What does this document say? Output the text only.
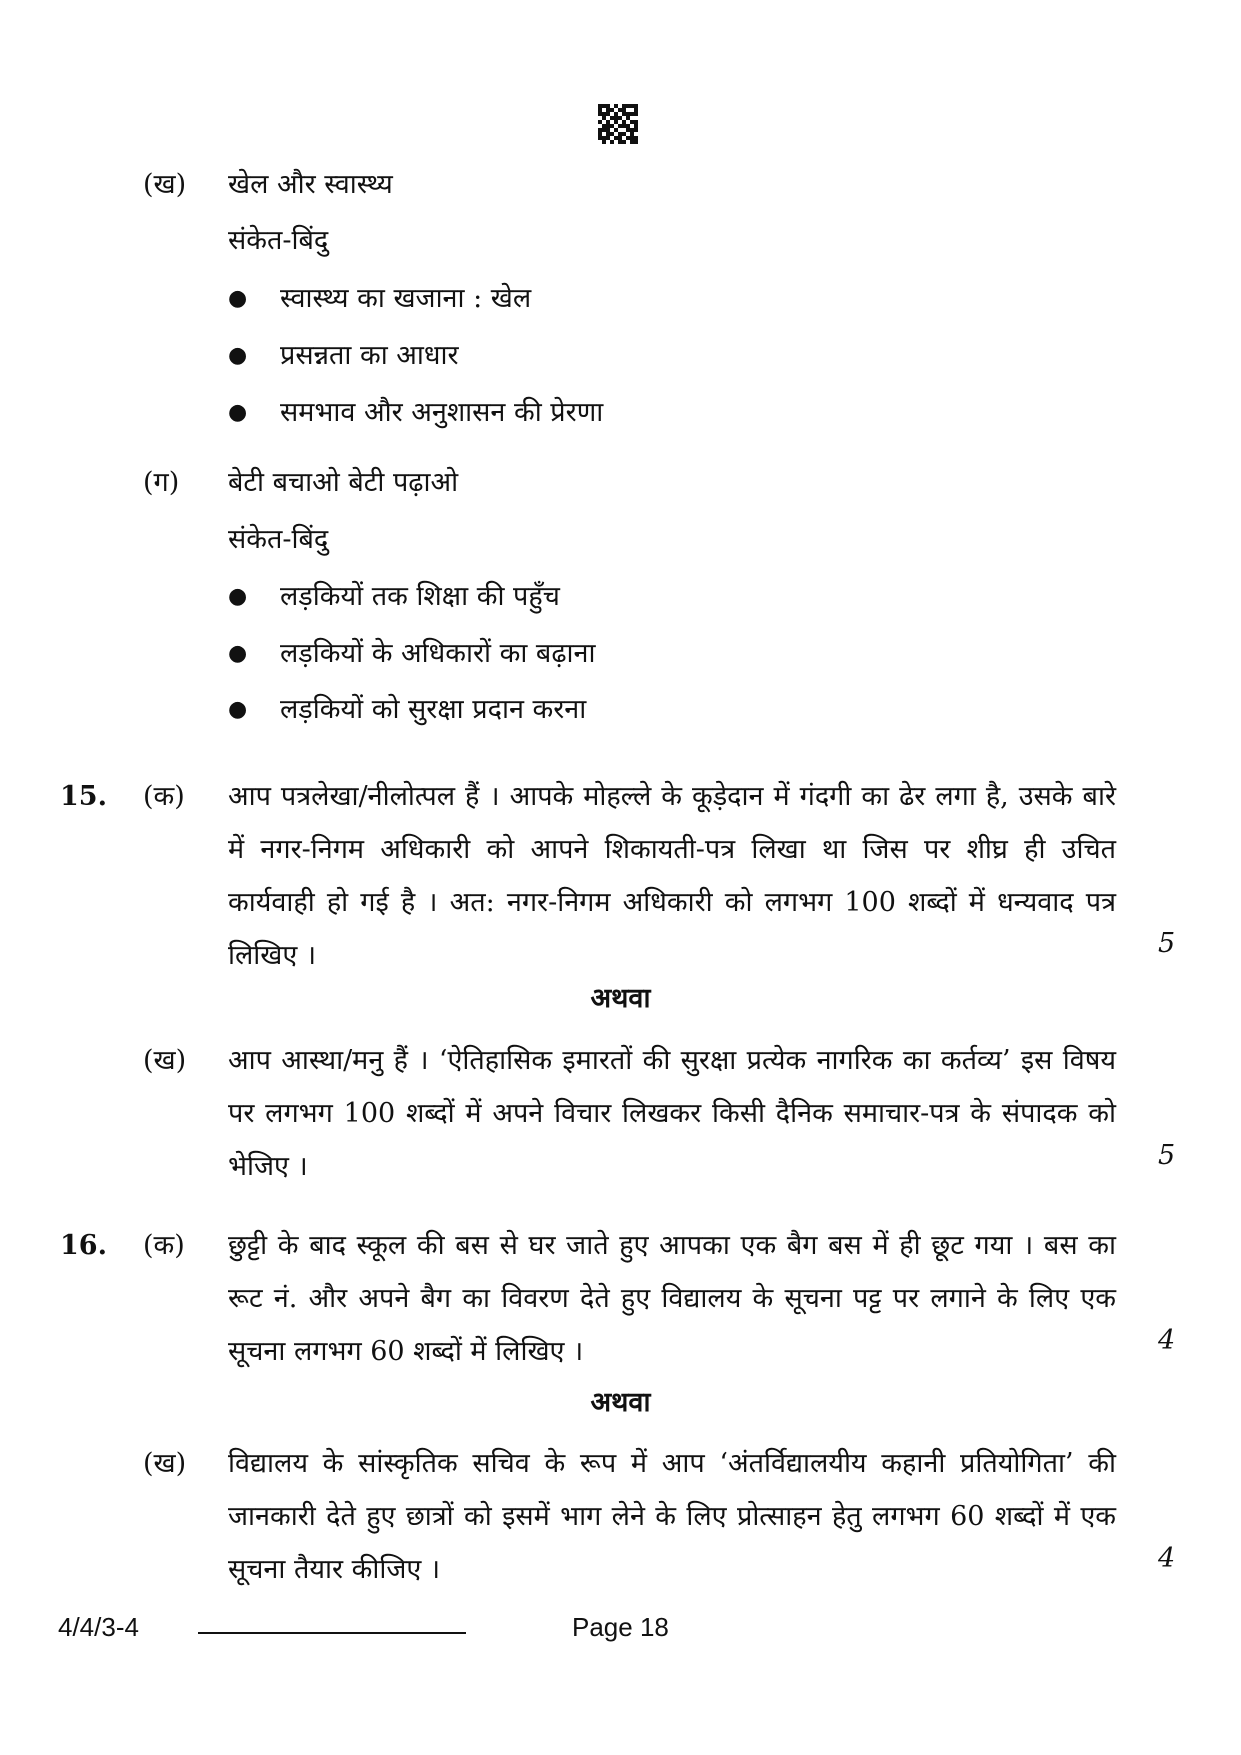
(ख) खेल और स्वास्थ्य
संकेत-बिंदु
● स्वास्थ्य का खजाना : खेल
● प्रसन्नता का आधार
● समभाव और अनुशासन की प्रेरणा
(ग) बेटी बचाओ बेटी पढ़ाओ
संकेत-बिंदु
● लड़कियों तक शिक्षा की पहुँच
● लड़कियों के अधिकारों का बढ़ाना
● लड़कियों को सुरक्षा प्रदान करना
15. (क) आप पत्रलेखा/नीलोत्पल हैं । आपके मोहल्ले के कूड़ेदान में गंदगी का ढेर लगा है, उसके बारे में नगर-निगम अधिकारी को आपने शिकायती-पत्र लिखा था जिस पर शीघ्र ही उचित कार्यवाही हो गई है । अत: नगर-निगम अधिकारी को लगभग 100 शब्दों में धन्यवाद पत्र लिखिए ।	5
अथवा
(ख) आप आस्था/मनु हैं । ‘ऐतिहासिक इमारतों की सुरक्षा प्रत्येक नागरिक का कर्तव्य’ इस विषय पर लगभग 100 शब्दों में अपने विचार लिखकर किसी दैनिक समाचार-पत्र के संपादक को भेजिए ।	5
16. (क) छुट्टी के बाद स्कूल की बस से घर जाते हुए आपका एक बैग बस में ही छूट गया । बस का रूट नं. और अपने बैग का विवरण देते हुए विद्यालय के सूचना पट्ट पर लगाने के लिए एक सूचना लगभग 60 शब्दों में लिखिए ।	4
अथवा
(ख) विद्यालय के सांस्कृतिक सचिव के रूप में आप ‘अंतर्विद्यालयीय कहानी प्रतियोगिता’ की जानकारी देते हुए छात्रों को इसमें भाग लेने के लिए प्रोत्साहन हेतु लगभग 60 शब्दों में एक सूचना तैयार कीजिए ।	4
4/4/3-4	Page 18
